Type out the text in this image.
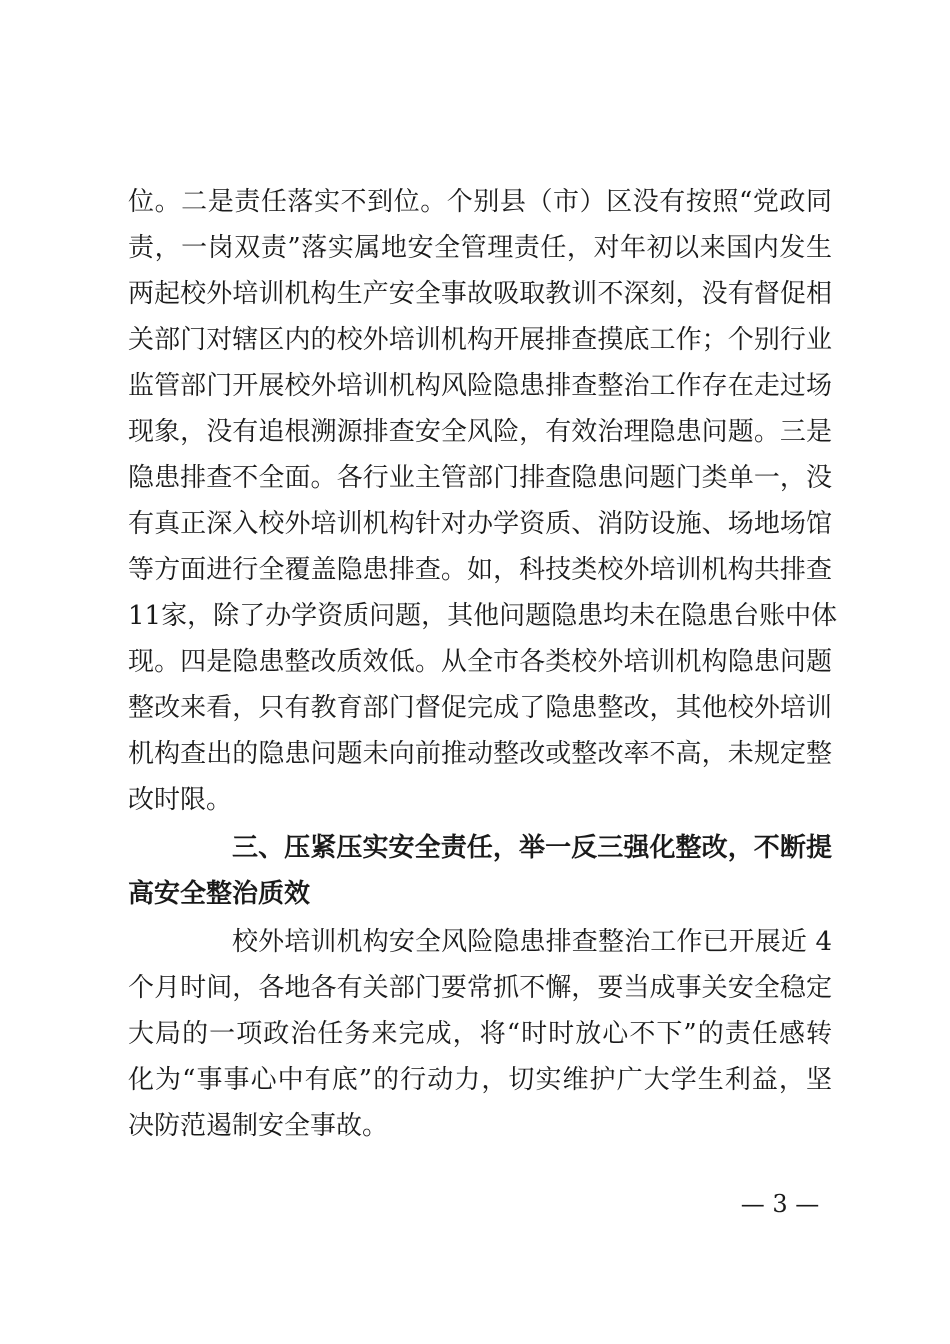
位。二是责任落实不到位。个别县（市）区没有按照“党政同
责，一岗双责”落实属地安全管理责任，对年初以来国内发生
两起校外培训机构生产安全事故吸取教训不深刻，没有督促相
关部门对辖区内的校外培训机构开展排查摸底工作；个别行业
监管部门开展校外培训机构风险隐患排查整治工作存在走过场
现象，没有追根溯源排查安全风险，有效治理隐患问题。三是
隐患排查不全面。各行业主管部门排查隐患问题门类单一，没
有真正深入校外培训机构针对办学资质、消防设施、场地场馆
等方面进行全覆盖隐患排查。如，科技类校外培训机构共排查
11家，除了办学资质问题，其他问题隐患均未在隐患台账中体
现。四是隐患整改质效低。从全市各类校外培训机构隐患问题
整改来看，只有教育部门督促完成了隐患整改，其他校外培训
机构查出的隐患问题未向前推动整改或整改率不高，未规定整
改时限。
三、压紧压实安全责任，举一反三强化整改，不断提
高安全整治质效
校外培训机构安全风险隐患排查整治工作已开展近 4
个月时间，各地各有关部门要常抓不懈，要当成事关安全稳定
大局的一项政治任务来完成，将“时时放心不下”的责任感转
化为“事事心中有底”的行动力，切实维护广大学生利益，坚
决防范遏制安全事故。
— 3 —
